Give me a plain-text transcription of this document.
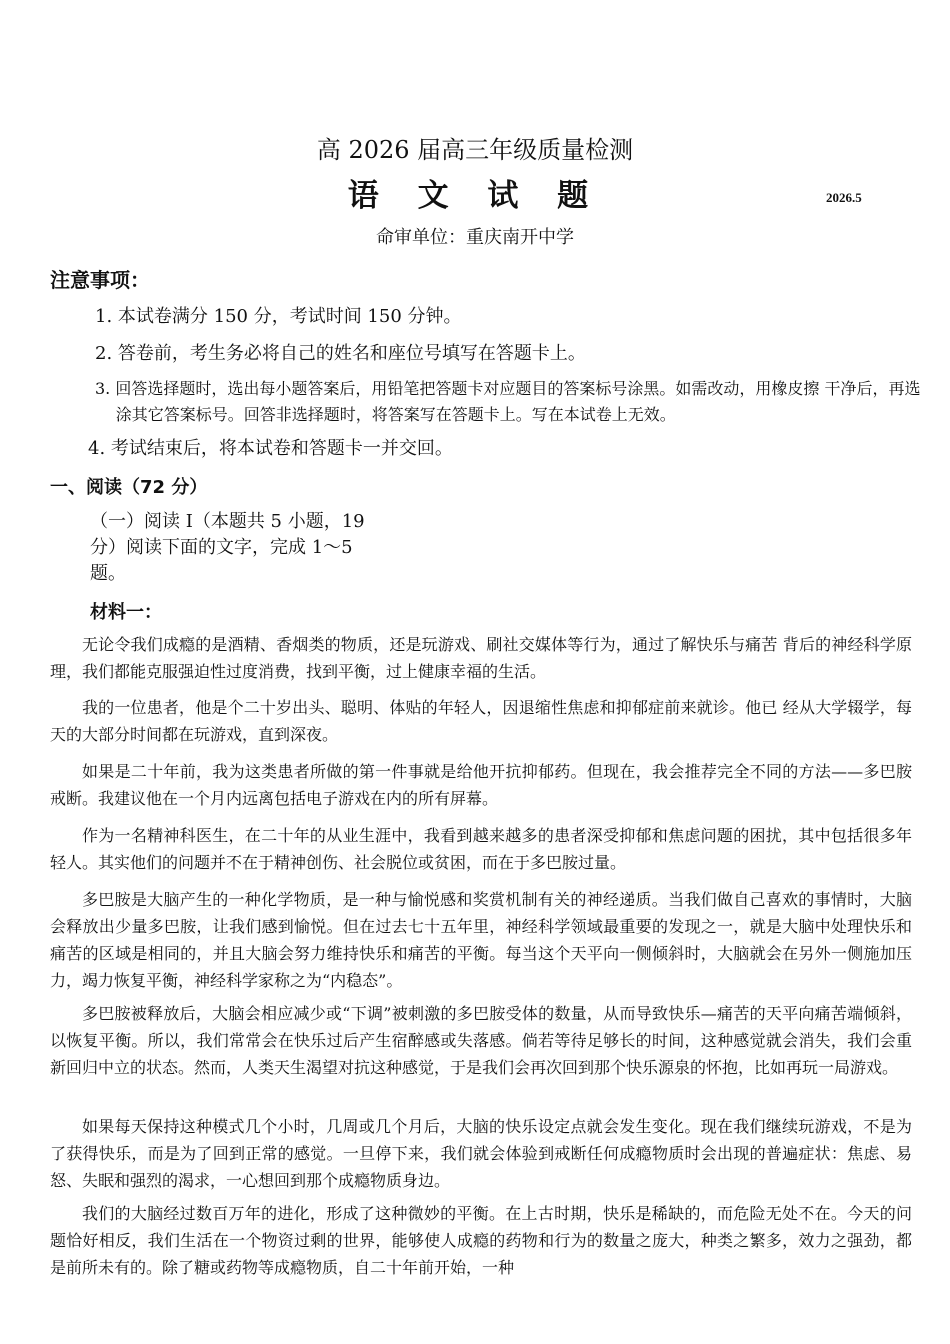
高 2026 届高三年级质量检测
语 文 试 题	2026.5
命审单位：重庆南开中学
注意事项：
1. 本试卷满分 150 分，考试时间 150 分钟。
2. 答卷前，考生务必将自己的姓名和座位号填写在答题卡上。
3. 回答选择题时，选出每小题答案后，用铅笔把答题卡对应题目的答案标号涂黑。如需改动，用橡皮擦 干净后，再选涂其它答案标号。回答非选择题时，将答案写在答题卡上。写在本试卷上无效。
4. 考试结束后，将本试卷和答题卡一并交回。
一、阅读（72 分）
（一）阅读 I（本题共 5 小题，19 分）阅读下面的文字，完成 1～5 题。
材料一：
无论令我们成瘾的是酒精、香烟类的物质，还是玩游戏、刷社交媒体等行为，通过了解快乐与痛苦 背后的神经科学原理，我们都能克服强迫性过度消费，找到平衡，过上健康幸福的生活。
我的一位患者，他是个二十岁出头、聪明、体贴的年轻人，因退缩性焦虑和抑郁症前来就诊。他已 经从大学辍学，每天的大部分时间都在玩游戏，直到深夜。
如果是二十年前，我为这类患者所做的第一件事就是给他开抗抑郁药。但现在，我会推荐完全不同的方法——多巴胺戒断。我建议他在一个月内远离包括电子游戏在内的所有屏幕。
作为一名精神科医生，在二十年的从业生涯中，我看到越来越多的患者深受抑郁和焦虑问题的困扰，其中包括很多年轻人。其实他们的问题并不在于精神创伤、社会脱位或贫困，而在于多巴胺过量。
多巴胺是大脑产生的一种化学物质，是一种与愉悦感和奖赏机制有关的神经递质。当我们做自己喜欢的事情时，大脑会释放出少量多巴胺，让我们感到愉悦。但在过去七十五年里，神经科学领域最重要的发现之一，就是大脑中处理快乐和痛苦的区域是相同的，并且大脑会努力维持快乐和痛苦的平衡。每当这个天平向一侧倾斜时，大脑就会在另外一侧施加压力，竭力恢复平衡，神经科学家称之为“内稳态”。
多巴胺被释放后，大脑会相应减少或“下调”被刺激的多巴胺受体的数量，从而导致快乐—痛苦的天平向痛苦端倾斜，以恢复平衡。所以，我们常常会在快乐过后产生宿醉感或失落感。倘若等待足够长的时间，这种感觉就会消失，我们会重新回归中立的状态。然而，人类天生渴望对抗这种感觉，于是我们会再次回到那个快乐源泉的怀抱，比如再玩一局游戏。
如果每天保持这种模式几个小时，几周或几个月后，大脑的快乐设定点就会发生变化。现在我们继续玩游戏，不是为了获得快乐，而是为了回到正常的感觉。一旦停下来，我们就会体验到戒断任何成瘾物质时会出现的普遍症状：焦虑、易怒、失眠和强烈的渴求，一心想回到那个成瘾物质身边。
我们的大脑经过数百万年的进化，形成了这种微妙的平衡。在上古时期，快乐是稀缺的，而危险无处不在。今天的问题恰好相反，我们生活在一个物资过剩的世界，能够使人成瘾的药物和行为的数量之庞大，种类之繁多，效力之强劲，都是前所未有的。除了糖或药物等成瘾物质，自二十年前开始，一种
